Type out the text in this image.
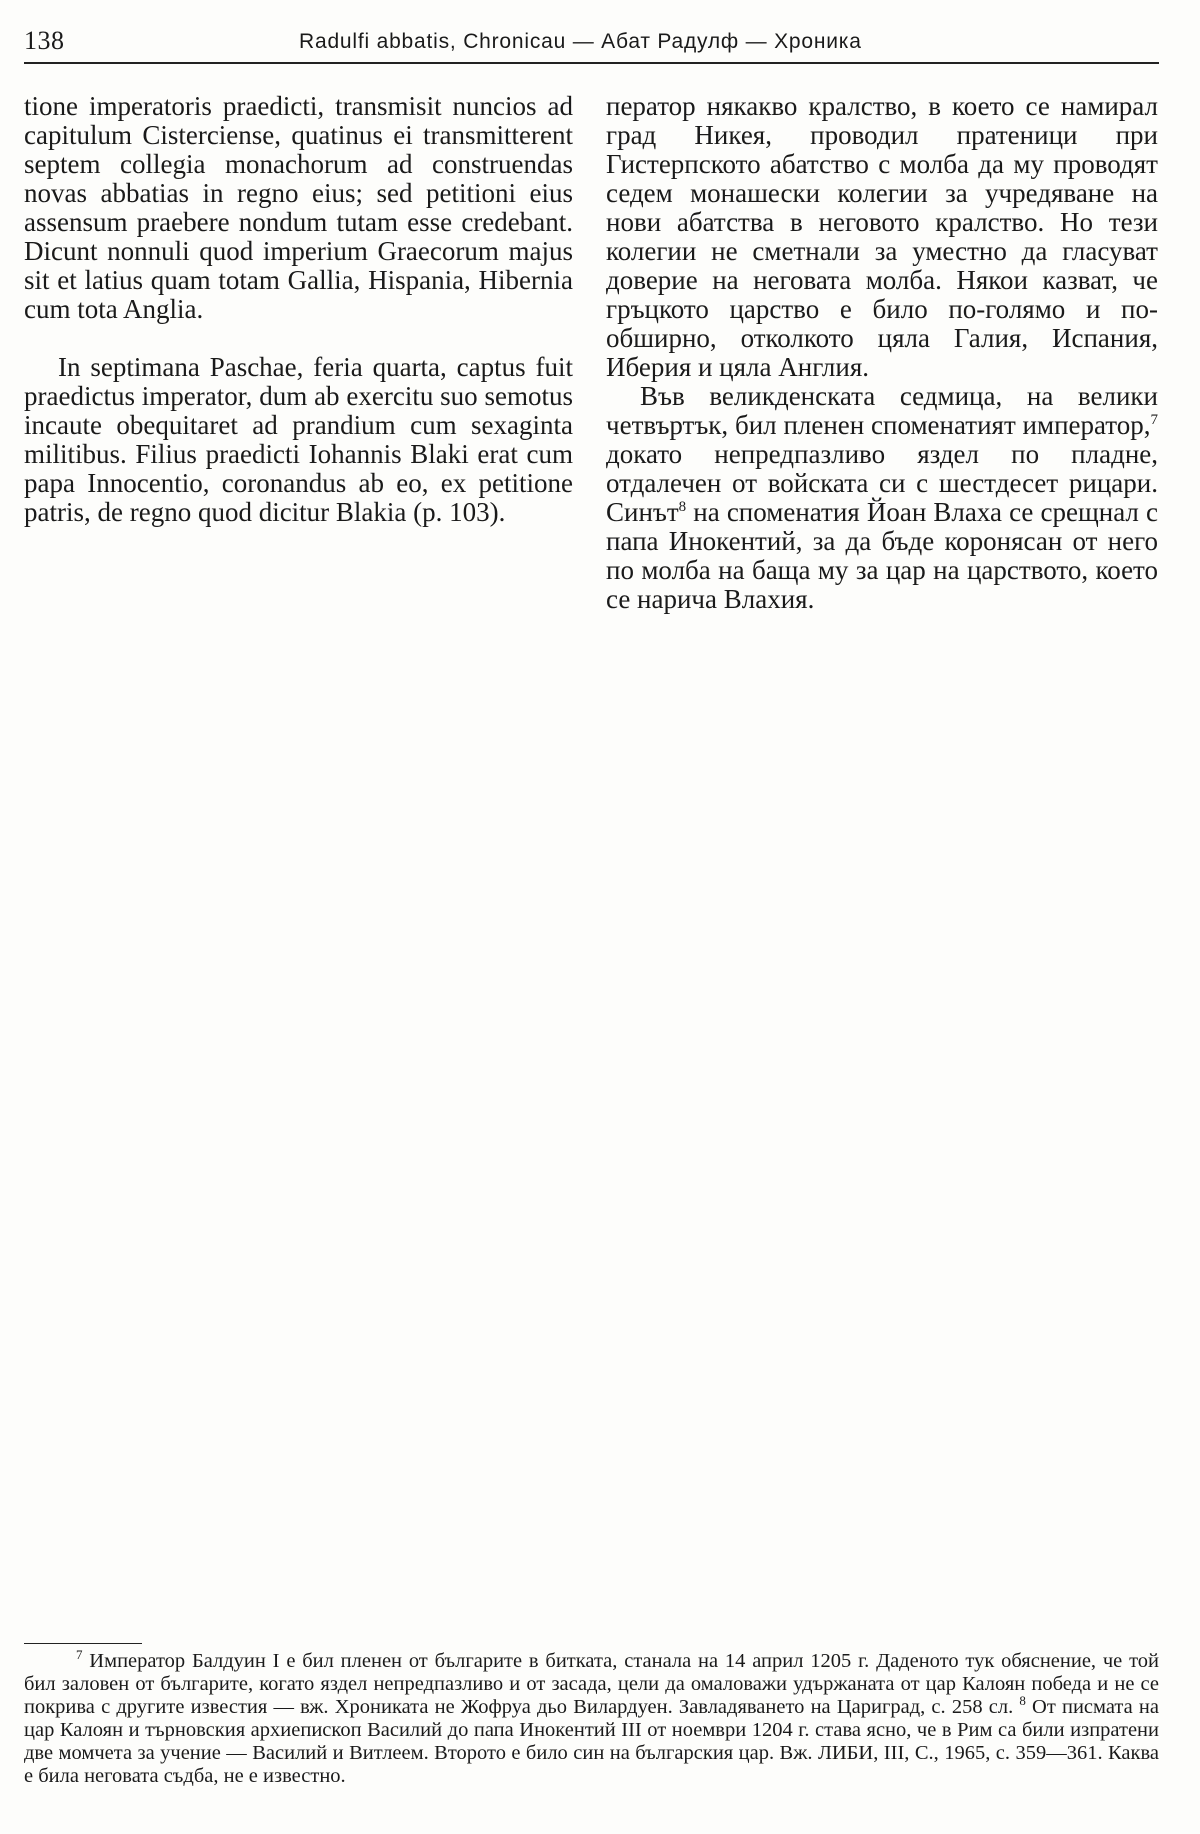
138	Radulfi abbatis, Chronicau — Абат Радулф — Хроника

tione imperatoris praedicti, transmisit nuncios ad capitulum Cisterciense, quatinus ei transmitterent septem collegia monachorum ad construendas novas abbatias in regno eius; sed petitioni eius assensum praebere nondum tutam esse credebant. Dicunt nonnuli quod imperium Graecorum majus sit et latius quam totam Gallia, Hispania, Hibernia cum tota Anglia.

In septimana Paschae, feria quarta, captus fuit praedictus imperator, dum ab exercitu suo semotus incaute obequitaret ad prandium cum sexaginta militibus. Filius praedicti Iohannis Blaki erat cum papa Innocentio, coronandus ab eo, ex petitione patris, de regno quod dicitur Blakia (p. 103).

ператор някакво кралство, в което се намирал град Никея, проводил пратеници при Гистерпското абатство с молба да му проводят седем монашески колегии за учредяване на нови абатства в неговото кралство. Но тези колегии не сметнали за уместно да гласуват доверие на неговата молба. Някои казват, че гръцкото царство е било по-голямо и по-обширно, отколкото цяла Галия, Испания, Иберия и цяла Англия.

Във великденската седмица, на велики четвъртък, бил пленен споменатият император,$^7$ докато непредпазливо яздел по пладне, отдалечен от войската си с шестдесет рицари. Синът$^8$ на споменатия Йоан Влаха се срещнал с папа Инокентий, за да бъде коронясан от него по молба на баща му за цар на царството, което се нарича Влахия.

$^7$ Император Балдуин I е бил пленен от българите в битката, станала на 14 април 1205 г. Даденото тук обяснение, че той бил заловен от българите, когато яздел непредпазливо и от засада, цели да омаловажи удържаната от цар Калоян победа и не се покрива с другите известия — вж. Хрониката не Жофруа дьо Вилардуен. Завладяването на Цариград, с. 258 сл. $^8$ От писмата на цар Калоян и търновския архиепископ Василий до папа Инокентий III от ноември 1204 г. става ясно, че в Рим са били изпратени две момчета за учение — Василий и Витлеем. Второто е било син на българския цар. Вж. ЛИБИ, III, С., 1965, с. 359—361. Каква е била неговата съдба, не е известно.
